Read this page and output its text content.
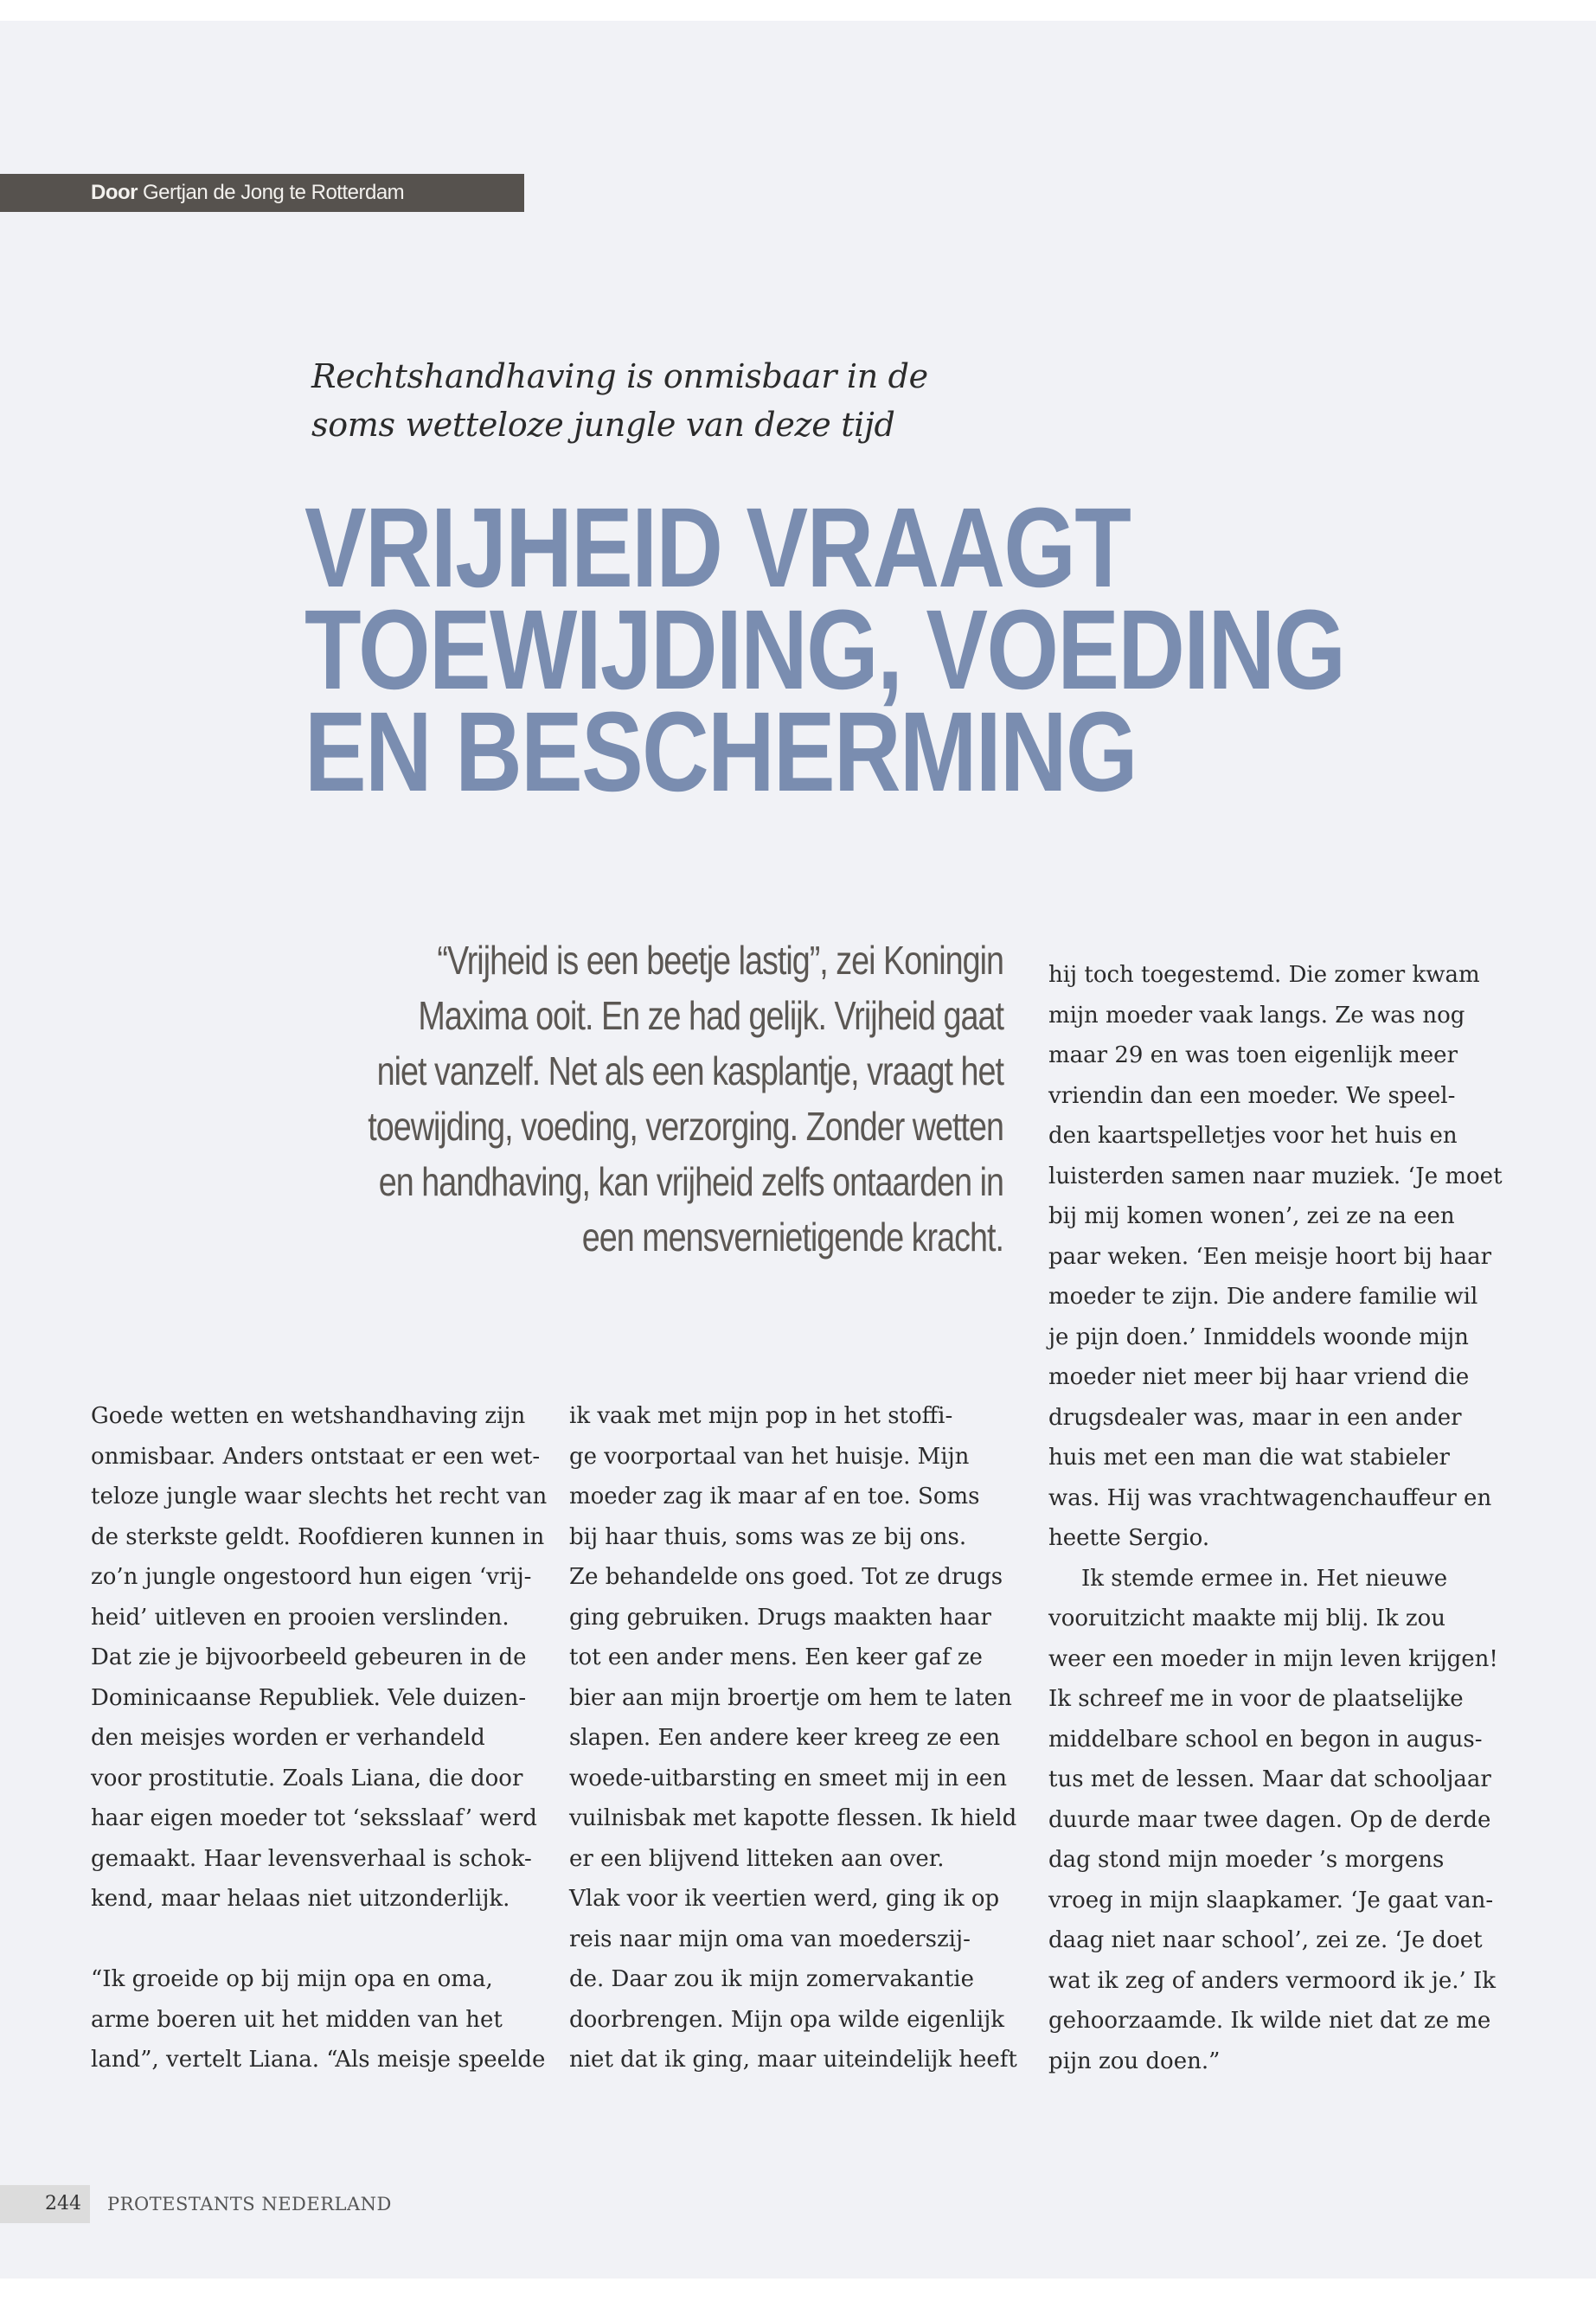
Door Gertjan de Jong te Rotterdam
Rechtshandhaving is onmisbaar in de
soms wetteloze jungle van deze tijd
VRIJHEID VRAAGT
TOEWIJDING, VOEDING
EN BESCHERMING
“Vrijheid is een beetje lastig”, zei Koningin
Maxima ooit. En ze had gelijk. Vrijheid gaat
niet vanzelf. Net als een kasplantje, vraagt het
toewijding, voeding, verzorging. Zonder wetten
en handhaving, kan vrijheid zelfs ontaarden in
een mensvernietigende kracht.
Goede wetten en wetshandhaving zijn
onmisbaar. Anders ontstaat er een wet-
teloze jungle waar slechts het recht van
de sterkste geldt. Roofdieren kunnen in
zo’n jungle ongestoord hun eigen ‘vrij-
heid’ uitleven en prooien verslinden.
Dat zie je bijvoorbeeld gebeuren in de
Dominicaanse Republiek. Vele duizen-
den meisjes worden er verhandeld
voor prostitutie. Zoals Liana, die door
haar eigen moeder tot ‘seksslaaf’ werd
gemaakt. Haar levensverhaal is schok-
kend, maar helaas niet uitzonderlijk.
“Ik groeide op bij mijn opa en oma,
arme boeren uit het midden van het
land”, vertelt Liana. “Als meisje speelde
ik vaak met mijn pop in het stoffi-
ge voorportaal van het huisje. Mijn
moeder zag ik maar af en toe. Soms
bij haar thuis, soms was ze bij ons.
Ze behandelde ons goed. Tot ze drugs
ging gebruiken. Drugs maakten haar
tot een ander mens. Een keer gaf ze
bier aan mijn broertje om hem te laten
slapen. Een andere keer kreeg ze een
woede-uitbarsting en smeet mij in een
vuilnisbak met kapotte flessen. Ik hield
er een blijvend litteken aan over.
Vlak voor ik veertien werd, ging ik op
reis naar mijn oma van moederszij-
de. Daar zou ik mijn zomervakantie
doorbrengen. Mijn opa wilde eigenlijk
niet dat ik ging, maar uiteindelijk heeft
hij toch toegestemd. Die zomer kwam
mijn moeder vaak langs. Ze was nog
maar 29 en was toen eigenlijk meer
vriendin dan een moeder. We speel-
den kaartspelletjes voor het huis en
luisterden samen naar muziek. ‘Je moet
bij mij komen wonen’, zei ze na een
paar weken. ‘Een meisje hoort bij haar
moeder te zijn. Die andere familie wil
je pijn doen.’ Inmiddels woonde mijn
moeder niet meer bij haar vriend die
drugsdealer was, maar in een ander
huis met een man die wat stabieler
was. Hij was vrachtwagenchauffeur en
heette Sergio.
Ik stemde ermee in. Het nieuwe
vooruitzicht maakte mij blij. Ik zou
weer een moeder in mijn leven krijgen!
Ik schreef me in voor de plaatselijke
middelbare school en begon in augus-
tus met de lessen. Maar dat schooljaar
duurde maar twee dagen. Op de derde
dag stond mijn moeder ’s morgens
vroeg in mijn slaapkamer. ‘Je gaat van-
daag niet naar school’, zei ze. ‘Je doet
wat ik zeg of anders vermoord ik je.’ Ik
gehoorzaamde. Ik wilde niet dat ze me
pijn zou doen.”
244	PROTESTANTS NEDERLAND
